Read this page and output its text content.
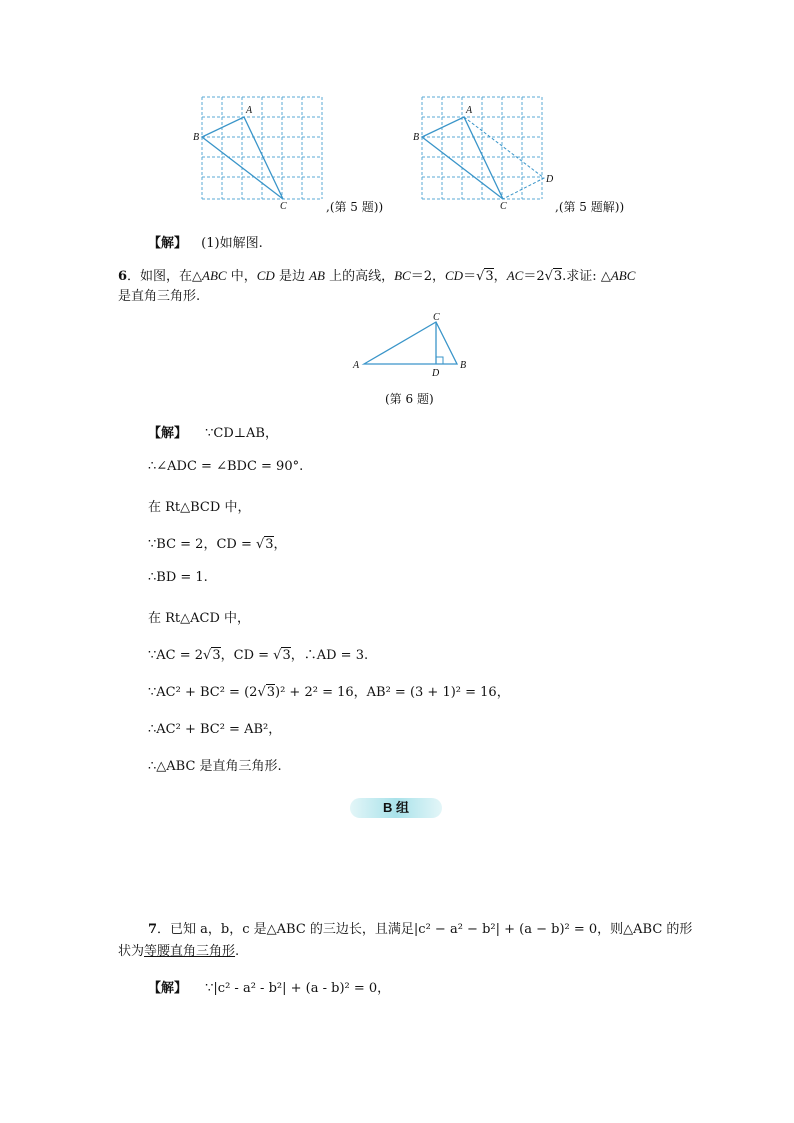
A
B
C	,(第 5 题))
A
B
C
D
,(第 5 题解))
【解】 (1)如解图.
6．如图，在△ABC 中，CD 是边 AB 上的高线，BC＝2，CD＝√3，AC＝2√3.求证: △ABC
是直角三角形.
A
C
D
B
(第 6 题)
【解】 ∵CD⊥AB，
∴∠ADC = ∠BDC = 90°.
在 Rt△BCD 中，
∵BC = 2，CD = √3，
∴BD = 1.
在 Rt△ACD 中，
∵AC = 2√3，CD = √3，∴AD = 3.
∵AC² + BC² = (2√3)² + 2² = 16，AB² = (3 + 1)² = 16，
∴AC² + BC² = AB²，
∴△ABC 是直角三角形.
B 组
7．已知 a，b，c 是△ABC 的三边长，且满足|c² − a² − b²| + (a − b)² = 0，则△ABC 的形
状为等腰直角三角形.
【解】 ∵|c² - a² - b²| + (a - b)² = 0，
